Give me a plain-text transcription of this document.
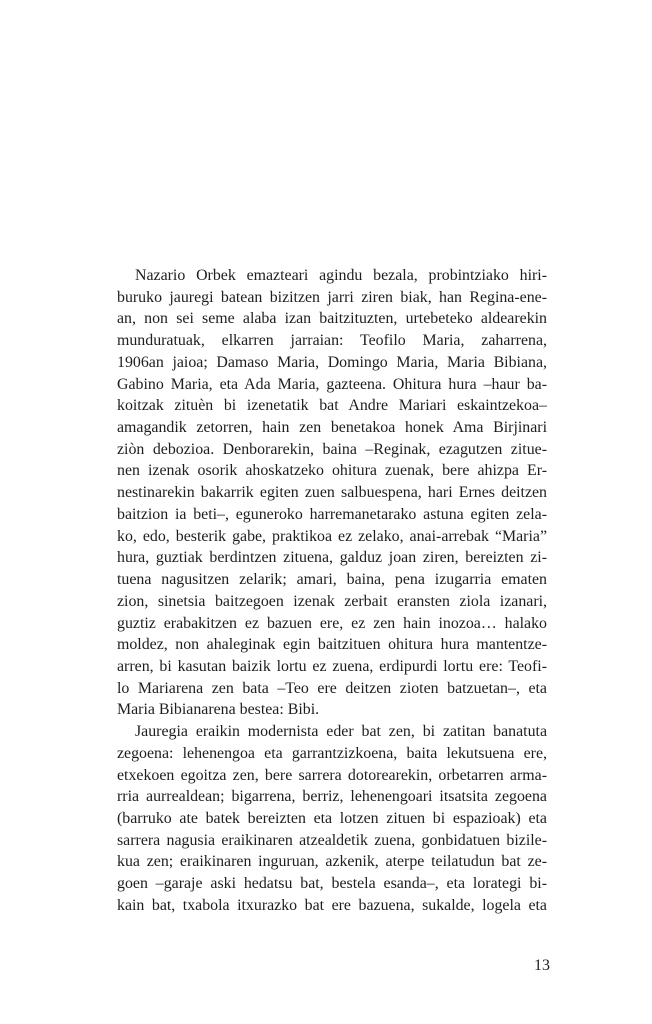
Nazario Orbek emazteari agindu bezala, probintziako hiri-
buruko jauregi batean bizitzen jarri ziren biak, han Regina-ene-
an, non sei seme alaba izan baitzituzten, urtebeteko aldearekin
munduratuak, elkarren jarraian: Teofilo Maria, zaharrena,
1906an jaioa; Damaso Maria, Domingo Maria, Maria Bibiana,
Gabino Maria, eta Ada Maria, gazteena. Ohitura hura –haur ba-
koitzak zituèn bi izenetatik bat Andre Mariari eskaintzekoa–
amagandik zetorren, hain zen benetakoa honek Ama Birjinari
ziòn debozioa. Denborarekin, baina –Reginak, ezagutzen zitue-
nen izenak osorik ahoskatzeko ohitura zuenak, bere ahizpa Er-
nestinarekin bakarrik egiten zuen salbuespena, hari Ernes deitzen
baitzion ia beti–, eguneroko harremanetarako astuna egiten zela-
ko, edo, besterik gabe, praktikoa ez zelako, anai-arrebak “Maria”
hura, guztiak berdintzen zituena, galduz joan ziren, bereizten zi-
tuena nagusitzen zelarik; amari, baina, pena izugarria ematen
zion, sinetsia baitzegoen izenak zerbait eransten ziola izanari,
guztiz erabakitzen ez bazuen ere, ez zen hain inozoa… halako
moldez, non ahaleginak egin baitzituen ohitura hura mantentze-
arren, bi kasutan baizik lortu ez zuena, erdipurdi lortu ere: Teofi-
lo Mariarena zen bata –Teo ere deitzen zioten batzuetan–, eta
Maria Bibianarena bestea: Bibi.
Jauregia eraikin modernista eder bat zen, bi zatitan banatuta
zegoena: lehenengoa eta garrantzizkoena, baita lekutsuena ere,
etxekoen egoitza zen, bere sarrera dotorearekin, orbetarren arma-
rria aurrealdean; bigarrena, berriz, lehenengoari itsatsita zegoena
(barruko ate batek bereizten eta lotzen zituen bi espazioak) eta
sarrera nagusia eraikinaren atzealdetik zuena, gonbidatuen bizile-
kua zen; eraikinaren inguruan, azkenik, aterpe teilatudun bat ze-
goen –garaje aski hedatsu bat, bestela esanda–, eta lorategi bi-
kain bat, txabola itxurazko bat ere bazuena, sukalde, logela eta
13
